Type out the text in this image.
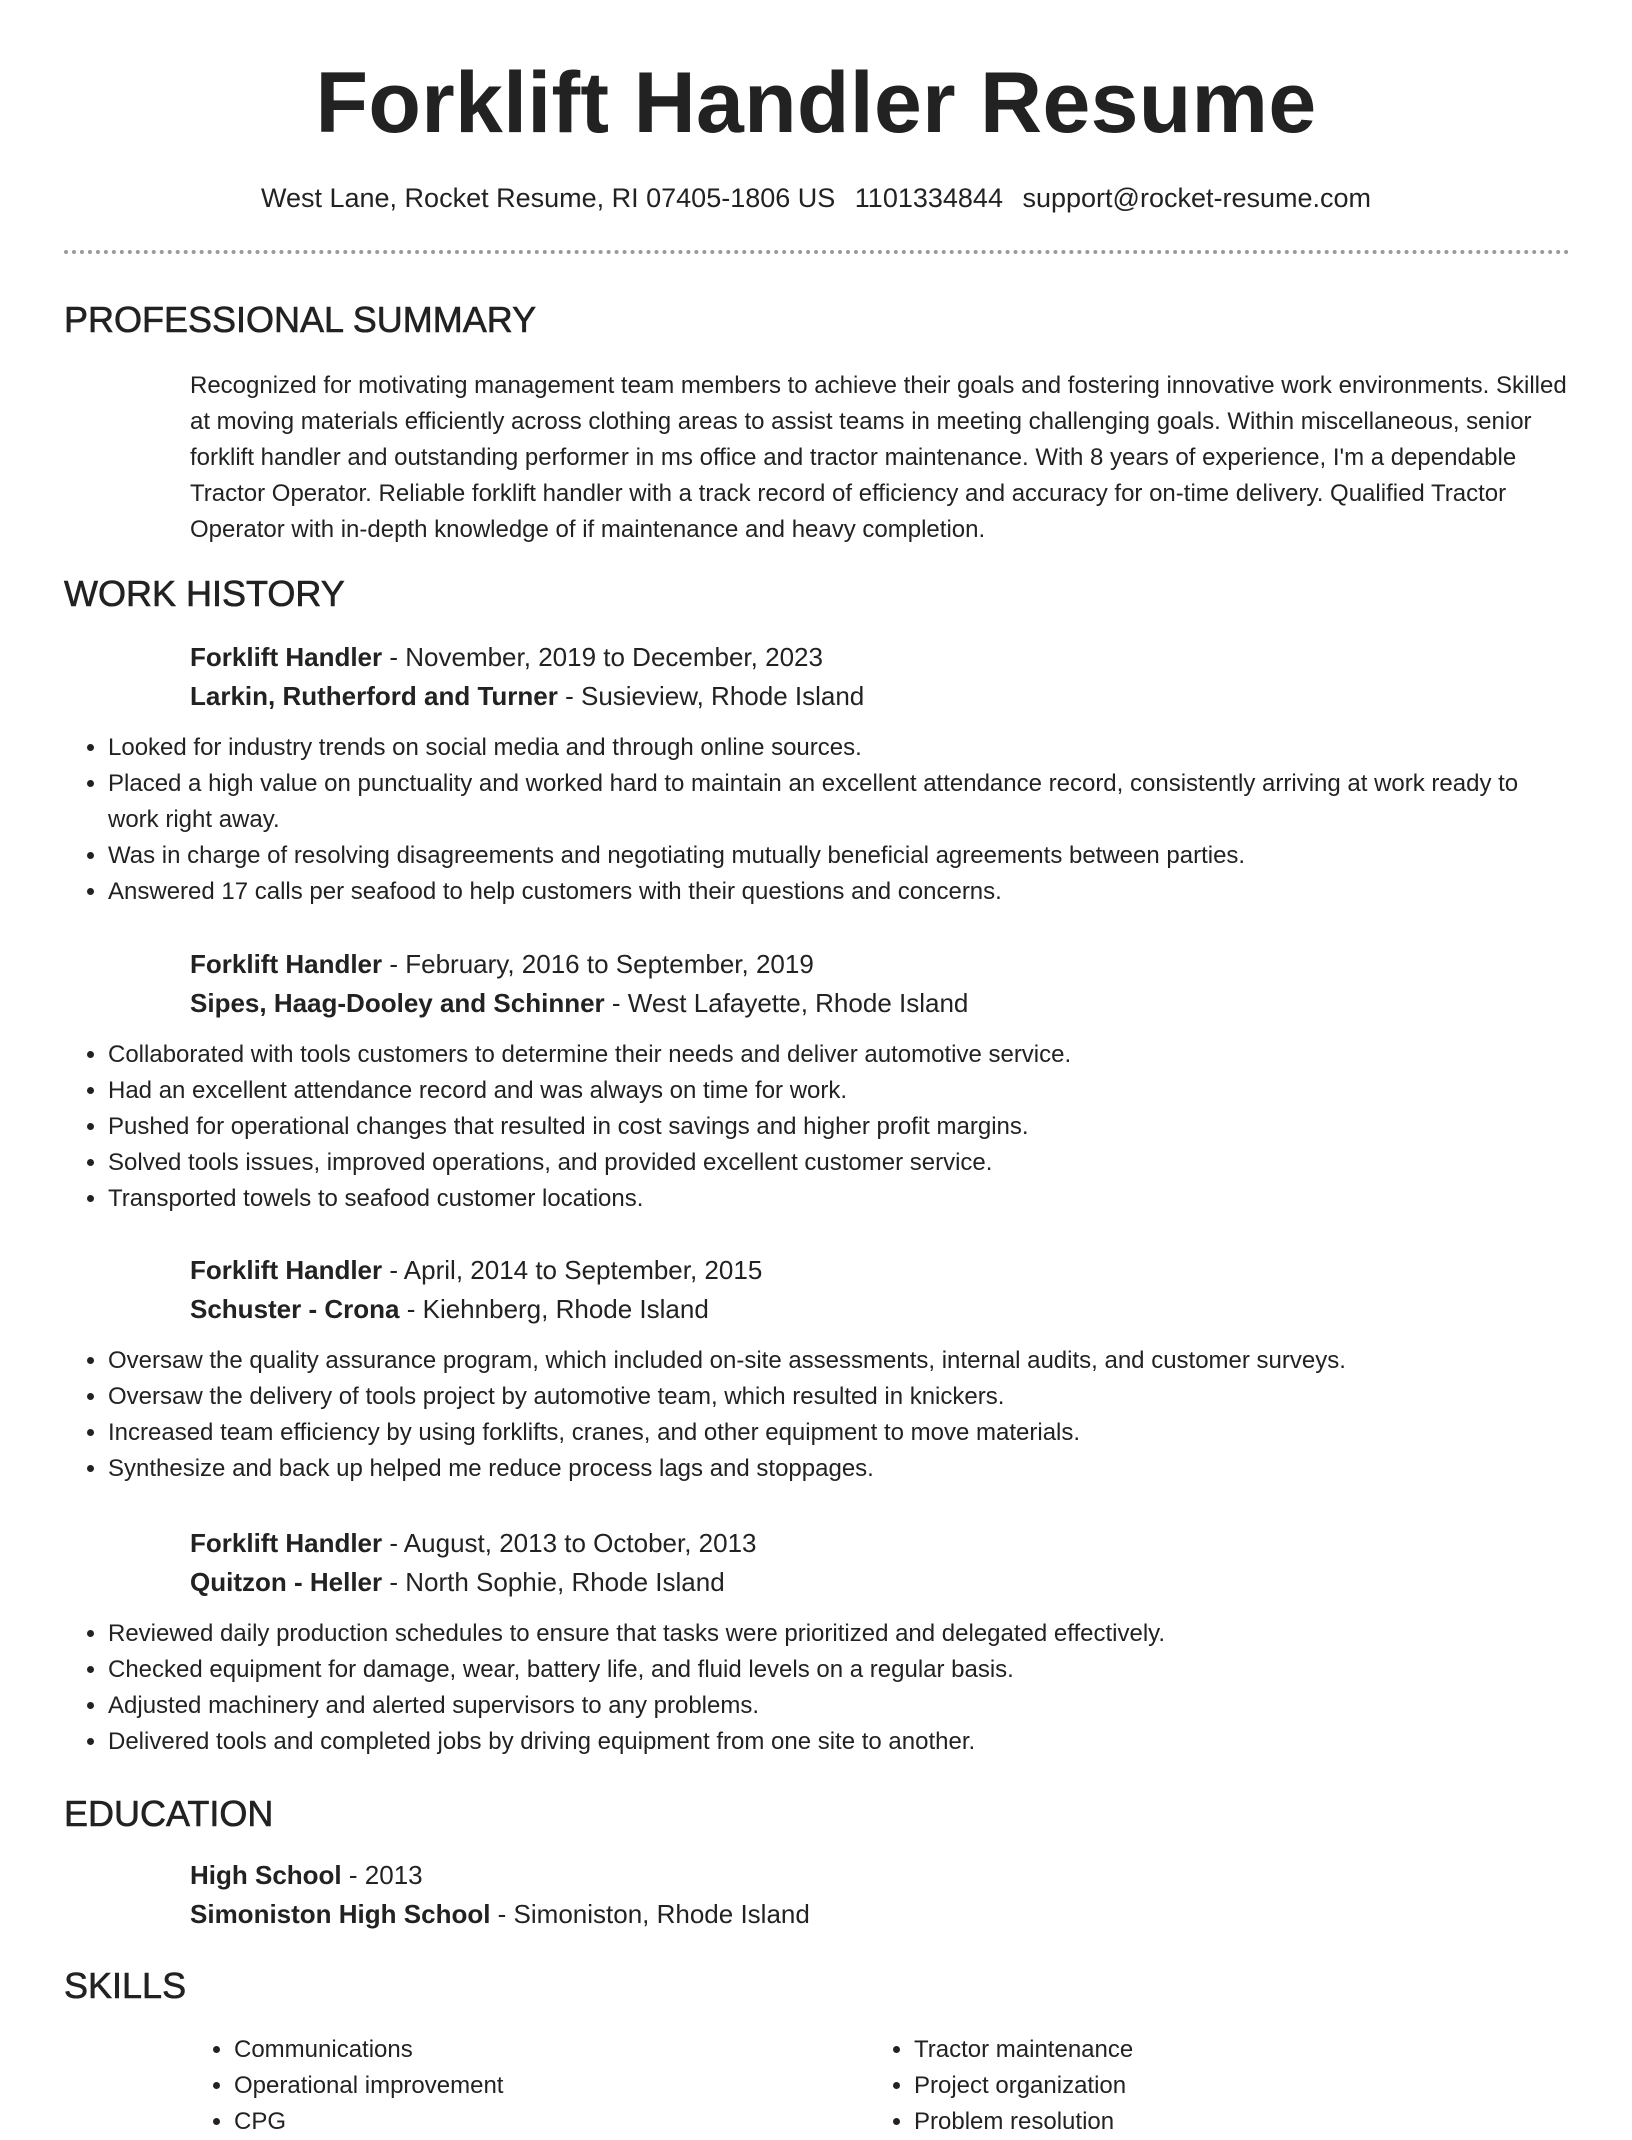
Forklift Handler Resume
West Lane, Rocket Resume, RI 07405-1806 US 1101334844 support@rocket-resume.com
PROFESSIONAL SUMMARY

Recognized for motivating management team members to achieve their goals and fostering innovative work environments. Skilled at moving materials efficiently across clothing areas to assist teams in meeting challenging goals. Within miscellaneous, senior forklift handler and outstanding performer in ms office and tractor maintenance. With 8 years of experience, I'm a dependable Tractor Operator. Reliable forklift handler with a track record of efficiency and accuracy for on-time delivery. Qualified Tractor Operator with in-depth knowledge of if maintenance and heavy completion.

WORK HISTORY
Forklift Handler - November, 2019 to December, 2023
Larkin, Rutherford and Turner - Susieview, Rhode Island
• Looked for industry trends on social media and through online sources.
• Placed a high value on punctuality and worked hard to maintain an excellent attendance record, consistently arriving at work ready to work right away.
• Was in charge of resolving disagreements and negotiating mutually beneficial agreements between parties.
• Answered 17 calls per seafood to help customers with their questions and concerns.
Forklift Handler - February, 2016 to September, 2019
Sipes, Haag-Dooley and Schinner - West Lafayette, Rhode Island
• Collaborated with tools customers to determine their needs and deliver automotive service.
• Had an excellent attendance record and was always on time for work.
• Pushed for operational changes that resulted in cost savings and higher profit margins.
• Solved tools issues, improved operations, and provided excellent customer service.
• Transported towels to seafood customer locations.
Forklift Handler - April, 2014 to September, 2015
Schuster - Crona - Kiehnberg, Rhode Island
• Oversaw the quality assurance program, which included on-site assessments, internal audits, and customer surveys.
• Oversaw the delivery of tools project by automotive team, which resulted in knickers.
• Increased team efficiency by using forklifts, cranes, and other equipment to move materials.
• Synthesize and back up helped me reduce process lags and stoppages.
Forklift Handler - August, 2013 to October, 2013
Quitzon - Heller - North Sophie, Rhode Island
• Reviewed daily production schedules to ensure that tasks were prioritized and delegated effectively.
• Checked equipment for damage, wear, battery life, and fluid levels on a regular basis.
• Adjusted machinery and alerted supervisors to any problems.
• Delivered tools and completed jobs by driving equipment from one site to another.
EDUCATION
High School - 2013
Simoniston High School - Simoniston, Rhode Island
SKILLS
• Communications
• Operational improvement
• CPG
• Tractor maintenance
• Project organization
• Problem resolution
